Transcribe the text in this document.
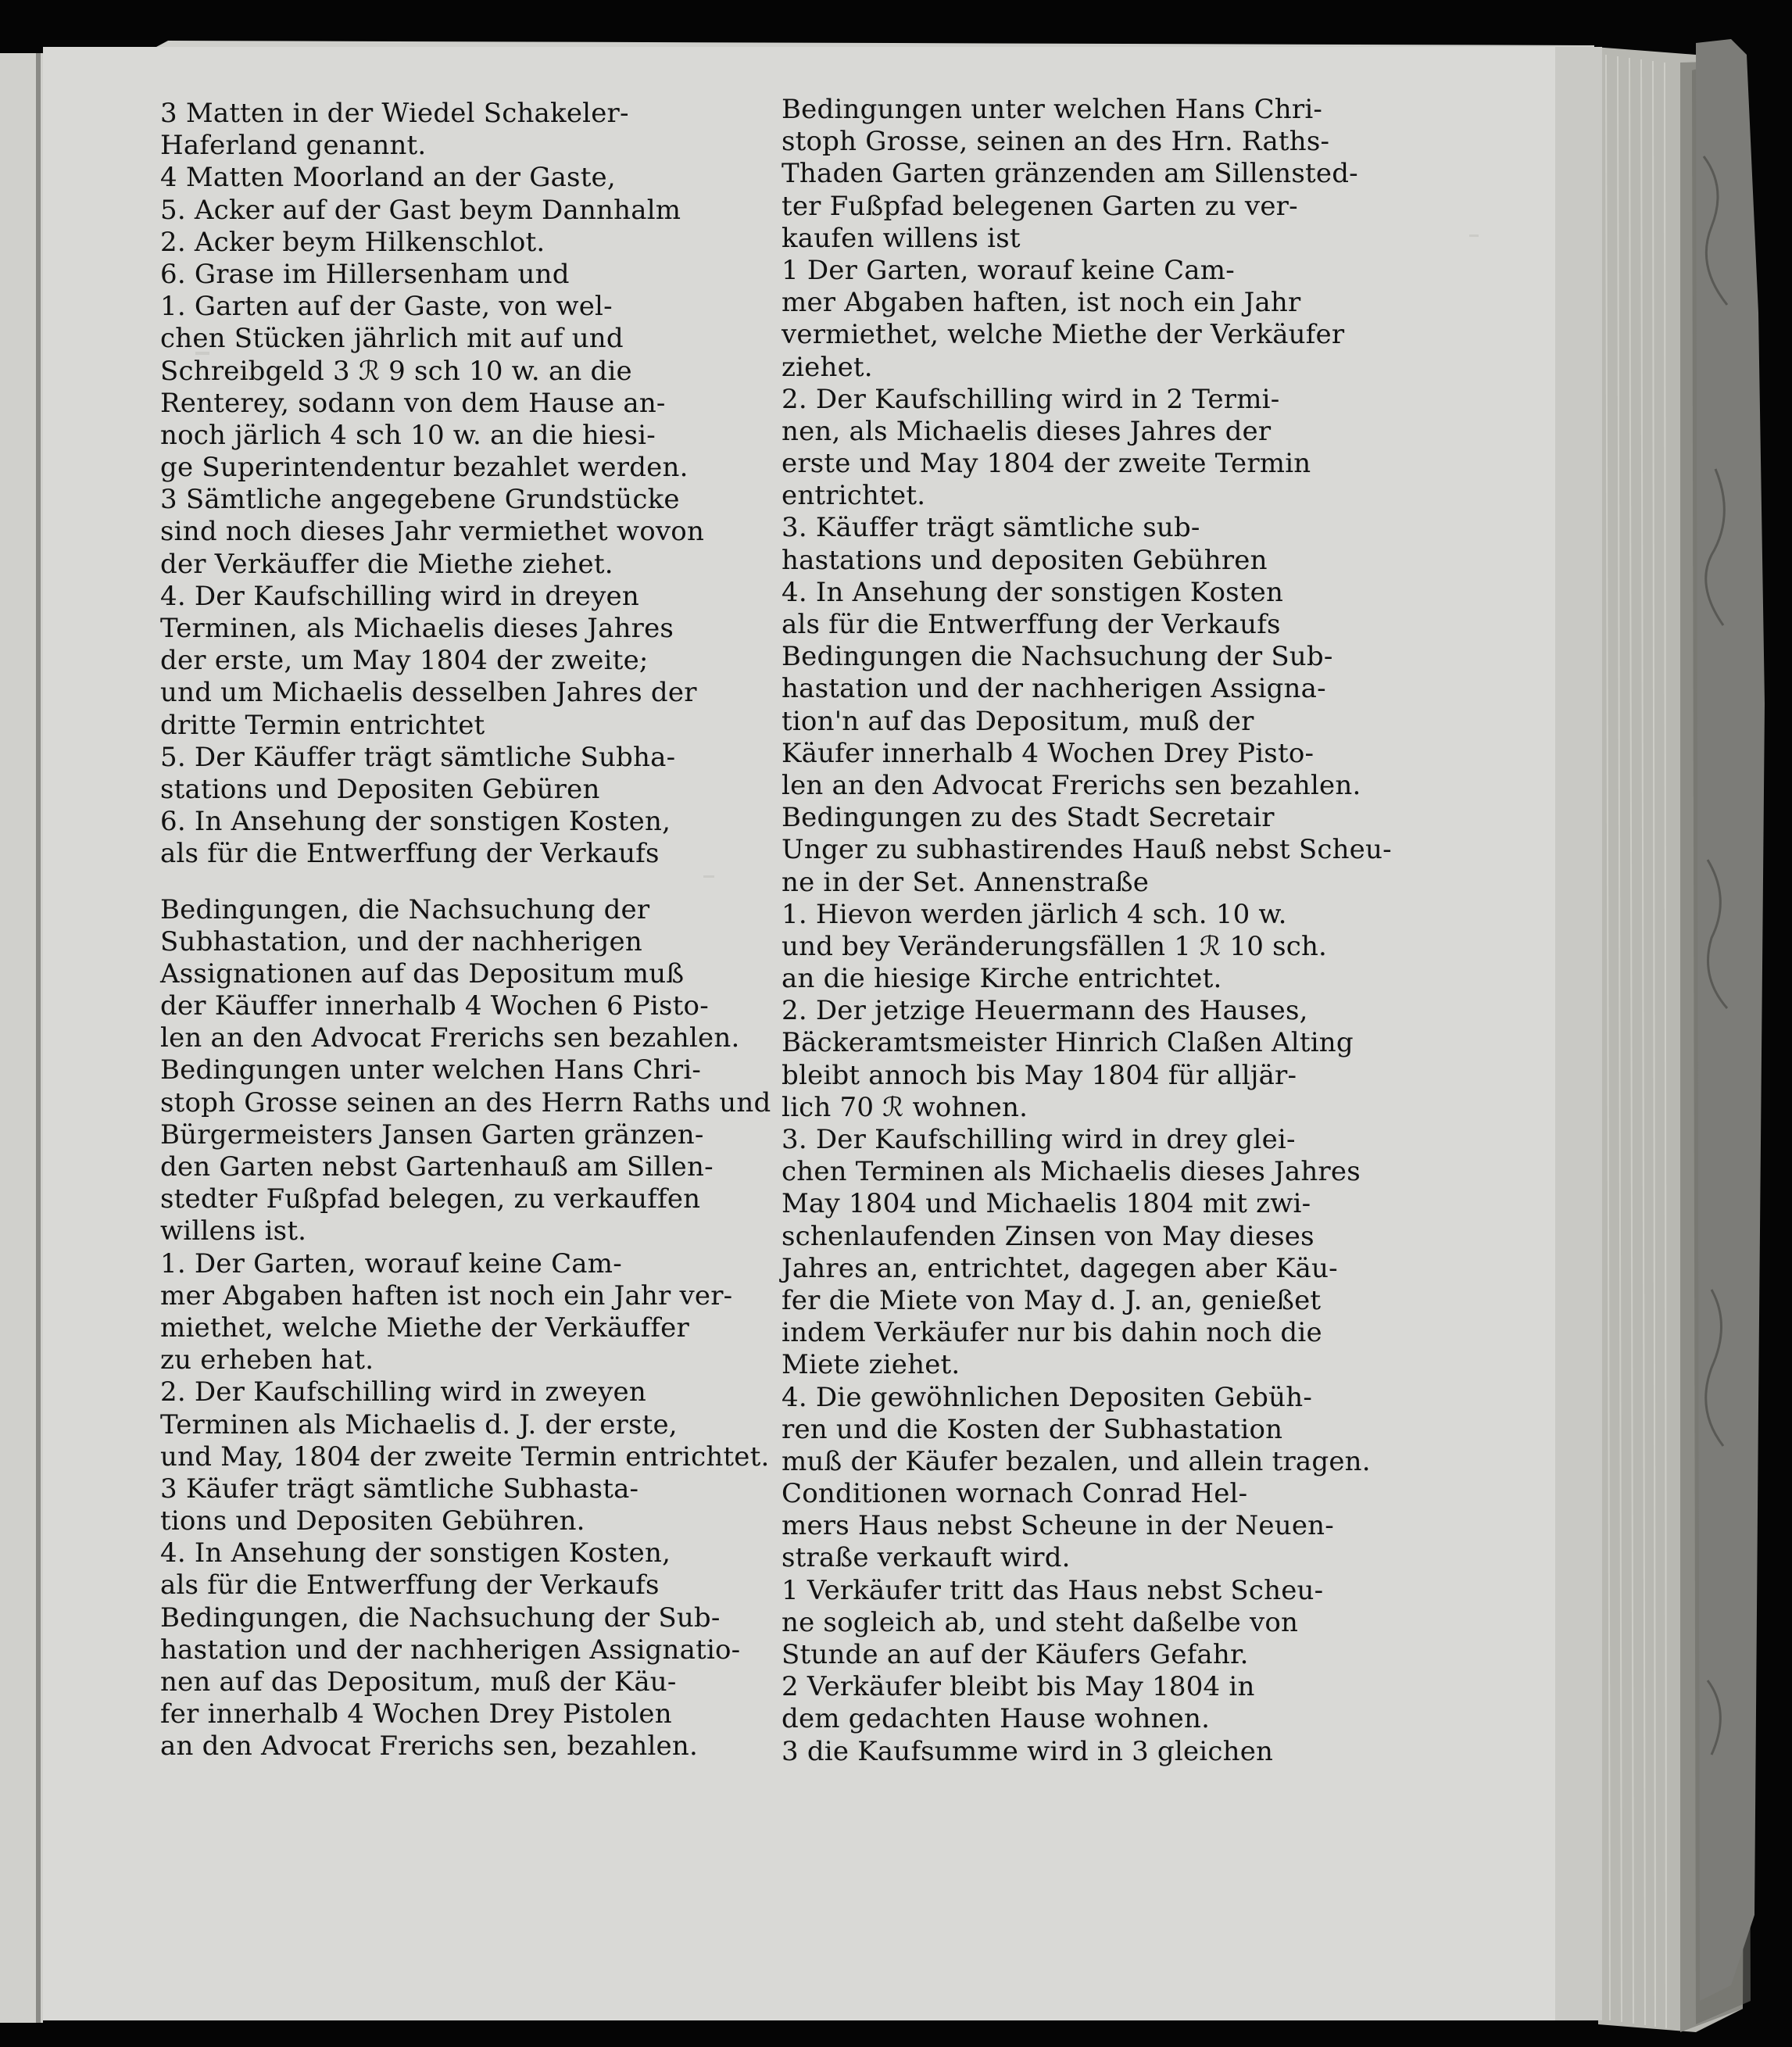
3 Matten in der Wiedel Schakeler-
Haferland genannt.
4 Matten Moorland an der Gaste,
5. Acker auf der Gast beym Dannhalm
2. Acker beym Hilkenschlot.
6. Grase im Hillersenham und
1. Garten auf der Gaste, von wel-
chen Stücken jährlich mit auf und
Schreibgeld 3 ℛ 9 sch 10 w. an die
Renterey, sodann von dem Hause an-
noch järlich 4 sch 10 w. an die hiesi-
ge Superintendentur bezahlet werden.
3 Sämtliche angegebene Grundstücke
sind noch dieses Jahr vermiethet wovon
der Verkäuffer die Miethe ziehet.
4. Der Kaufschilling wird in dreyen
Terminen, als Michaelis dieses Jahres
der erste, um May 1804 der zweite;
und um Michaelis desselben Jahres der
dritte Termin entrichtet
5. Der Käuffer trägt sämtliche Subha-
stations und Depositen Gebüren
6. In Ansehung der sonstigen Kosten,
als für die Entwerffung der Verkaufs
Bedingungen, die Nachsuchung der
Subhastation, und der nachherigen
Assignationen auf das Depositum muß
der Käuffer innerhalb 4 Wochen 6 Pisto-
len an den Advocat Frerichs sen bezahlen.
Bedingungen unter welchen Hans Chri-
stoph Grosse seinen an des Herrn Raths und
Bürgermeisters Jansen Garten gränzen-
den Garten nebst Gartenhauß am Sillen-
stedter Fußpfad belegen, zu verkauffen
willens ist.
1. Der Garten, worauf keine Cam-
mer Abgaben haften ist noch ein Jahr ver-
miethet, welche Miethe der Verkäuffer
zu erheben hat.
2. Der Kaufschilling wird in zweyen
Terminen als Michaelis d. J. der erste,
und May, 1804 der zweite Termin entrichtet.
3 Käufer trägt sämtliche Subhasta-
tions und Depositen Gebühren.
4. In Ansehung der sonstigen Kosten,
als für die Entwerffung der Verkaufs
Bedingungen, die Nachsuchung der Sub-
hastation und der nachherigen Assignatio-
nen auf das Depositum, muß der Käu-
fer innerhalb 4 Wochen Drey Pistolen
an den Advocat Frerichs sen, bezahlen.
Bedingungen unter welchen Hans Chri-
stoph Grosse, seinen an des Hrn. Raths-
Thaden Garten gränzenden am Sillensted-
ter Fußpfad belegenen Garten zu ver-
kaufen willens ist
1 Der Garten, worauf keine Cam-
mer Abgaben haften, ist noch ein Jahr
vermiethet, welche Miethe der Verkäufer
ziehet.
2. Der Kaufschilling wird in 2 Termi-
nen, als Michaelis dieses Jahres der
erste und May 1804 der zweite Termin
entrichtet.
3. Käuffer trägt sämtliche sub-
hastations und depositen Gebühren
4. In Ansehung der sonstigen Kosten
als für die Entwerffung der Verkaufs
Bedingungen die Nachsuchung der Sub-
hastation und der nachherigen Assigna-
tion'n auf das Depositum, muß der
Käufer innerhalb 4 Wochen Drey Pisto-
len an den Advocat Frerichs sen bezahlen.
Bedingungen zu des Stadt Secretair
Unger zu subhastirendes Hauß nebst Scheu-
ne in der Set. Annenstraße
1. Hievon werden järlich 4 sch. 10 w.
und bey Veränderungsfällen 1 ℛ 10 sch.
an die hiesige Kirche entrichtet.
2. Der jetzige Heuermann des Hauses,
Bäckeramtsmeister Hinrich Claßen Alting
bleibt annoch bis May 1804 für alljär-
lich 70 ℛ wohnen.
3. Der Kaufschilling wird in drey glei-
chen Terminen als Michaelis dieses Jahres
May 1804 und Michaelis 1804 mit zwi-
schenlaufenden Zinsen von May dieses
Jahres an, entrichtet, dagegen aber Käu-
fer die Miete von May d. J. an, genießet
indem Verkäufer nur bis dahin noch die
Miete ziehet.
4. Die gewöhnlichen Depositen Gebüh-
ren und die Kosten der Subhastation
muß der Käufer bezalen, und allein tragen.
Conditionen wornach Conrad Hel-
mers Haus nebst Scheune in der Neuen-
straße verkauft wird.
1 Verkäufer tritt das Haus nebst Scheu-
ne sogleich ab, und steht daßelbe von
Stunde an auf der Käufers Gefahr.
2 Verkäufer bleibt bis May 1804 in
dem gedachten Hause wohnen.
3 die Kaufsumme wird in 3 gleichen
